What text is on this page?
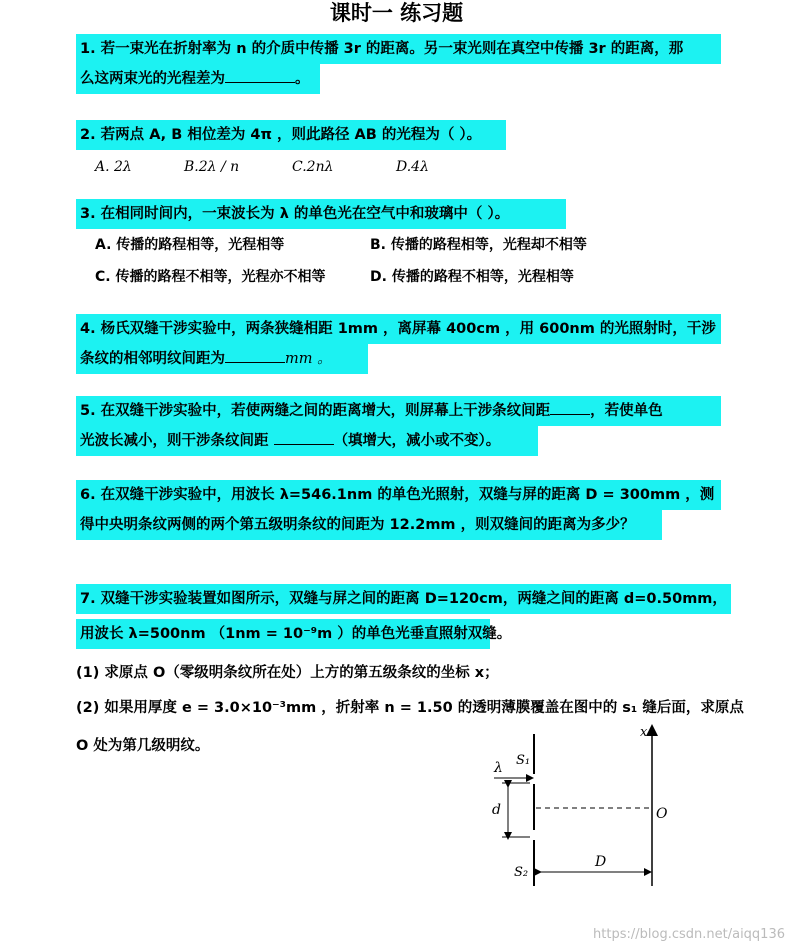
课时一 练习题
1. 若一束光在折射率为 n 的介质中传播 3r 的距离。另一束光则在真空中传播 3r 的距离，那
么这两束光的光程差为	。
2. 若两点 A, B 相位差为 4π ，则此路径 AB 的光程为（ ）。
A. 2λ	B.2λ / n	C.2nλ	D.4λ
3. 在相同时间内，一束波长为 λ 的单色光在空气中和玻璃中（ ）。
A. 传播的路程相等，光程相等	B. 传播的路程相等，光程却不相等
C. 传播的路程不相等，光程亦不相等	D. 传播的路程不相等，光程相等
4. 杨氏双缝干涉实验中，两条狭缝相距 1mm ，离屏幕 400cm ，用 600nm 的光照射时，干涉
条纹的相邻明纹间距为	mm 。
5. 在双缝干涉实验中，若使两缝之间的距离增大，则屏幕上干涉条纹间距	，若使单色
光波长减小，则干涉条纹间距	（填增大，减小或不变）。
6. 在双缝干涉实验中，用波长 λ=546.1nm 的单色光照射，双缝与屏的距离 D = 300mm ，测
得中央明条纹两侧的两个第五级明条纹的间距为 12.2mm ，则双缝间的距离为多少？
7. 双缝干涉实验装置如图所示，双缝与屏之间的距离 D=120cm，两缝之间的距离 d=0.50mm，
用波长 λ=500nm （1nm = 10⁻⁹m ）的单色光垂直照射双缝。
(1) 求原点 O（零级明条纹所在处）上方的第五级条纹的坐标 x；
(2) 如果用厚度 e = 3.0×10⁻³mm ，折射率 n = 1.50 的透明薄膜覆盖在图中的 s₁ 缝后面，求原点
O 处为第几级明纹。
x
λ S₁
d	O
S₂
D
https://blog.csdn.net/aiqq136
